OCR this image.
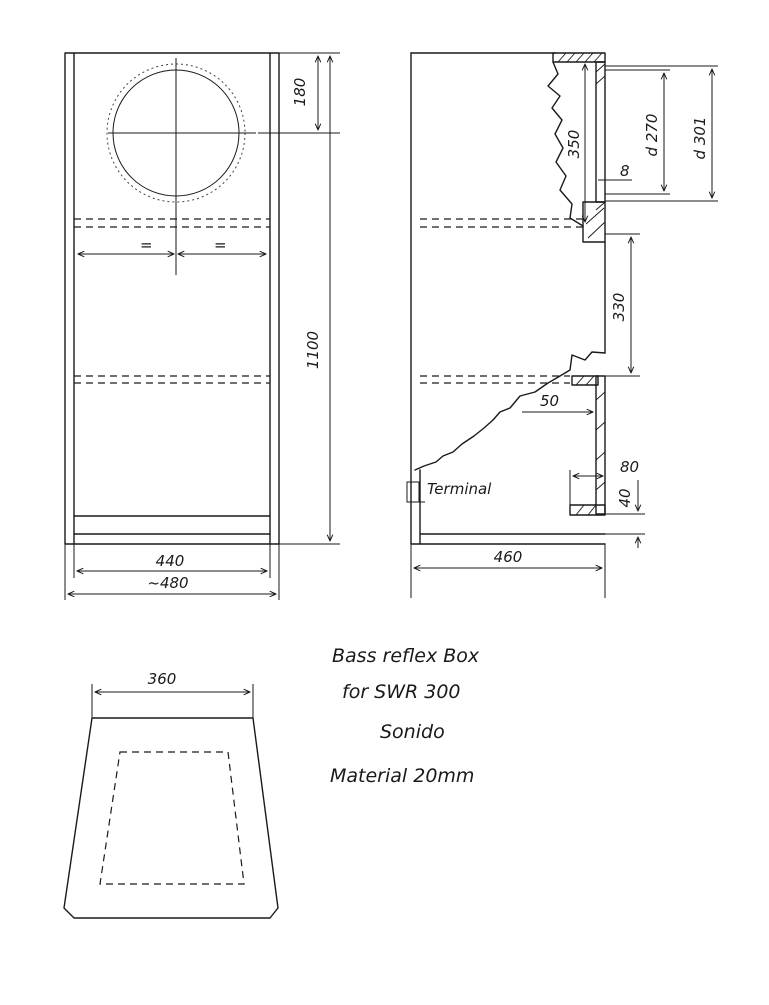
=	=
180
1100
440
~480
Terminal
350	d 270 d 301
8
330
50
80
40
460
360
Bass reflex Box
for SWR 300
Sonido
Material 20mm
